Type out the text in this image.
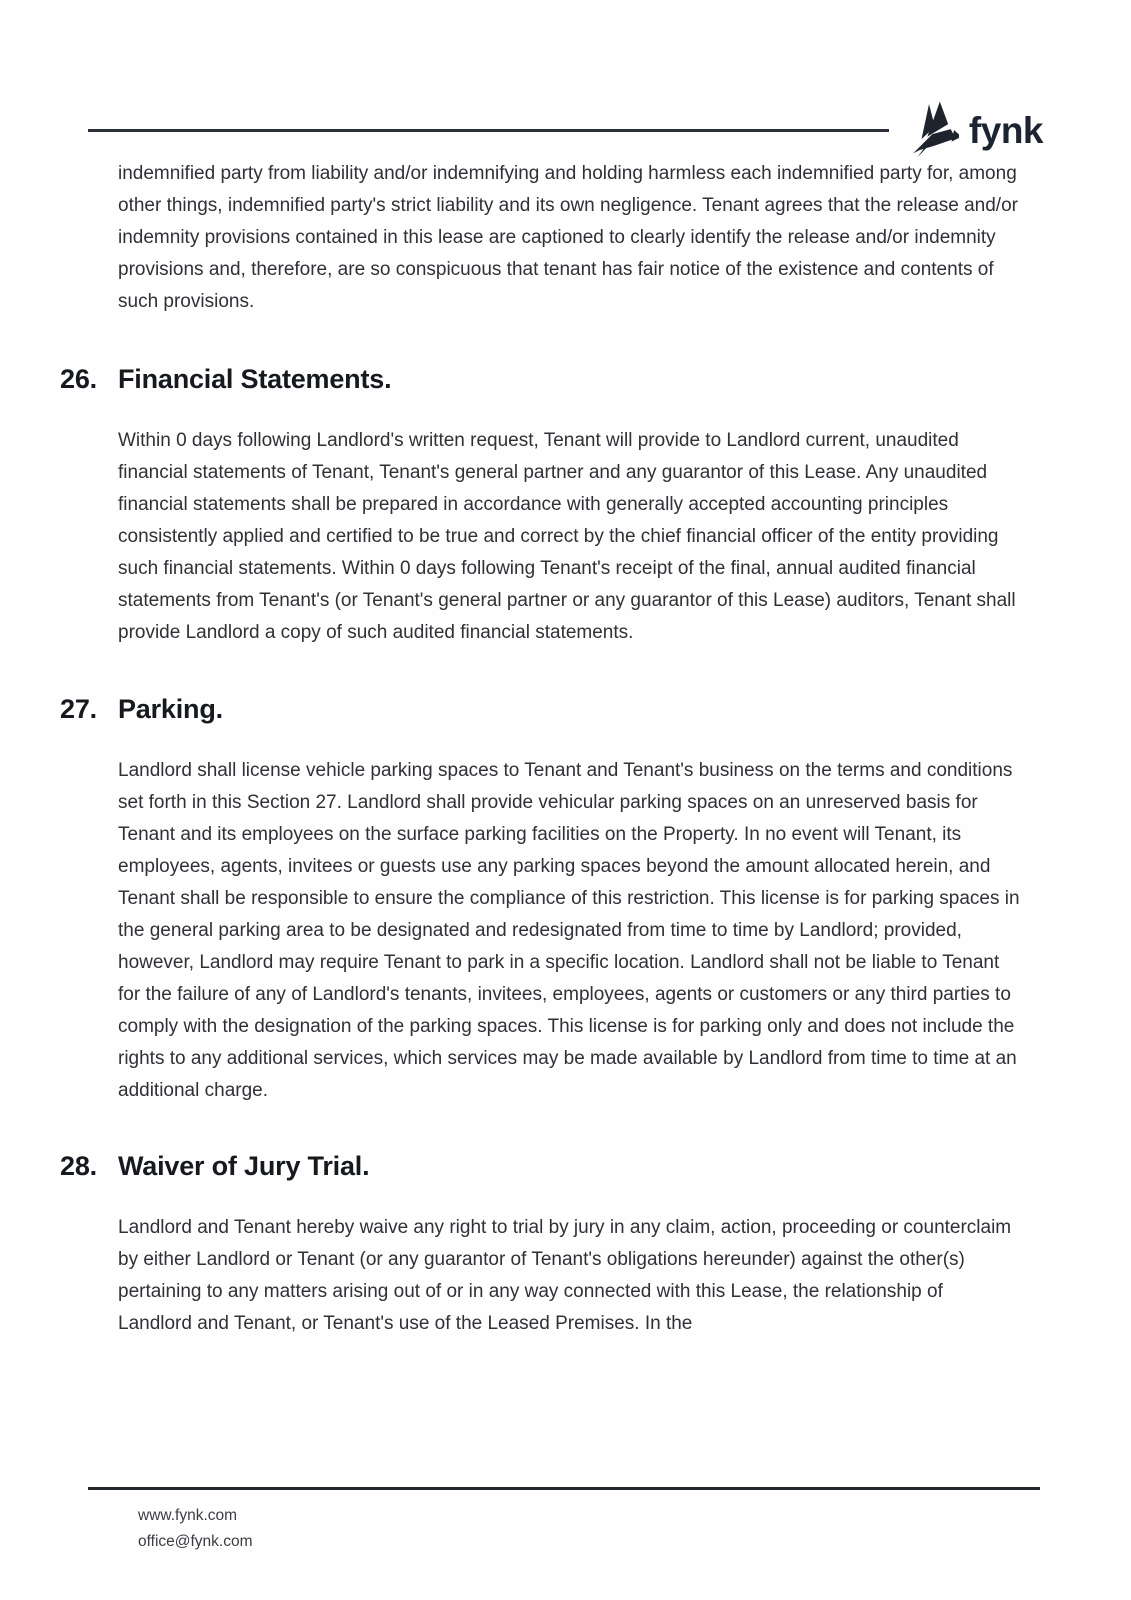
fynk

indemnified party from liability and/or indemnifying and holding harmless each indemnified party for, among other things, indemnified party's strict liability and its own negligence. Tenant agrees that the release and/or indemnity provisions contained in this lease are captioned to clearly identify the release and/or indemnity provisions and, therefore, are so conspicuous that tenant has fair notice of the existence and contents of such provisions.

26. Financial Statements.

Within 0 days following Landlord's written request, Tenant will provide to Landlord current, unaudited financial statements of Tenant, Tenant's general partner and any guarantor of this Lease. Any unaudited financial statements shall be prepared in accordance with generally accepted accounting principles consistently applied and certified to be true and correct by the chief financial officer of the entity providing such financial statements. Within 0 days following Tenant's receipt of the final, annual audited financial statements from Tenant's (or Tenant's general partner or any guarantor of this Lease) auditors, Tenant shall provide Landlord a copy of such audited financial statements.

27. Parking.

Landlord shall license vehicle parking spaces to Tenant and Tenant's business on the terms and conditions set forth in this Section 27. Landlord shall provide vehicular parking spaces on an unreserved basis for Tenant and its employees on the surface parking facilities on the Property. In no event will Tenant, its employees, agents, invitees or guests use any parking spaces beyond the amount allocated herein, and Tenant shall be responsible to ensure the compliance of this restriction. This license is for parking spaces in the general parking area to be designated and redesignated from time to time by Landlord; provided, however, Landlord may require Tenant to park in a specific location. Landlord shall not be liable to Tenant for the failure of any of Landlord's tenants, invitees, employees, agents or customers or any third parties to comply with the designation of the parking spaces. This license is for parking only and does not include the rights to any additional services, which services may be made available by Landlord from time to time at an additional charge.

28. Waiver of Jury Trial.

Landlord and Tenant hereby waive any right to trial by jury in any claim, action, proceeding or counterclaim by either Landlord or Tenant (or any guarantor of Tenant's obligations hereunder) against the other(s) pertaining to any matters arising out of or in any way connected with this Lease, the relationship of Landlord and Tenant, or Tenant's use of the Leased Premises. In the

www.fynk.com
office@fynk.com
